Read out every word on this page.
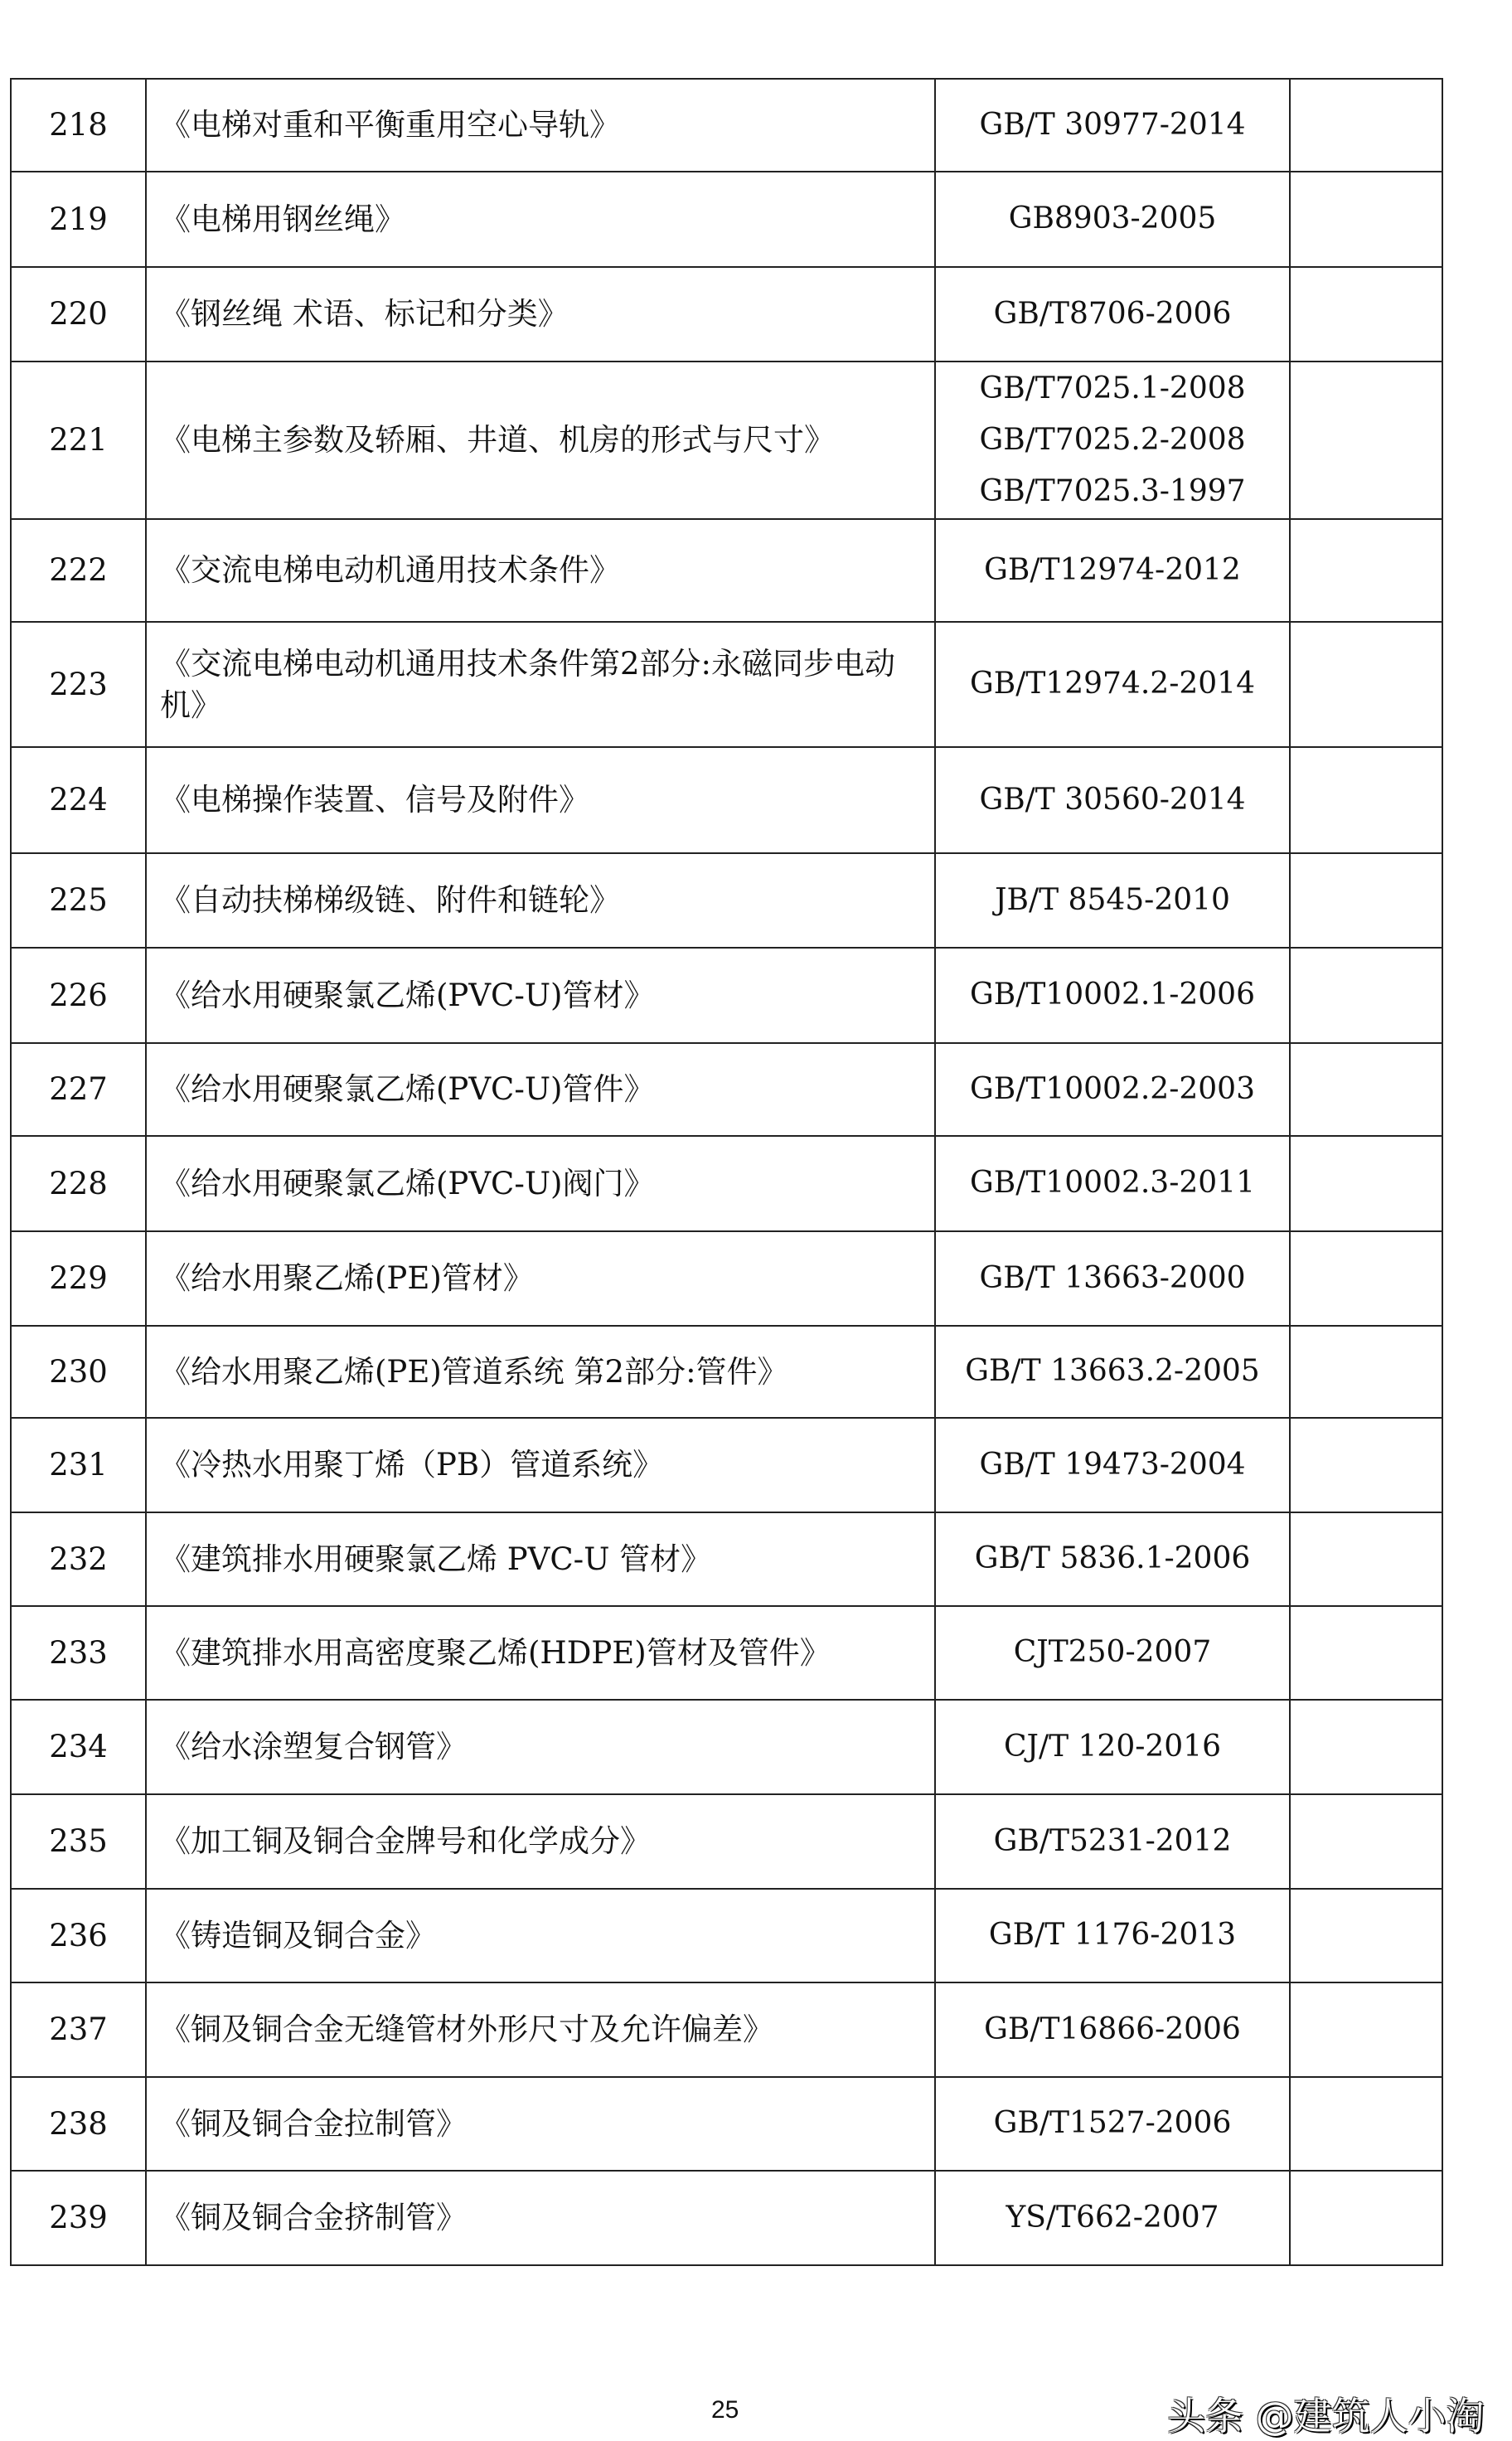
218	《电梯对重和平衡重用空心导轨》	GB/T 30977-2014	

219	《电梯用钢丝绳》	GB8903-2005	

220	《钢丝绳 术语、标记和分类》	GB/T8706-2006	

221	《电梯主参数及轿厢、井道、机房的形式与尺寸》	GB/T7025.1-2008
GB/T7025.2-2008
GB/T7025.3-1997	

222	《交流电梯电动机通用技术条件》	GB/T12974-2012	

223	《交流电梯电动机通用技术条件第2部分:永磁同步电动机》	GB/T12974.2-2014	

224	《电梯操作装置、信号及附件》	GB/T 30560-2014	

225	《自动扶梯梯级链、附件和链轮》	JB/T 8545-2010	

226	《给水用硬聚氯乙烯(PVC-U)管材》	GB/T10002.1-2006	

227	《给水用硬聚氯乙烯(PVC-U)管件》	GB/T10002.2-2003	

228	《给水用硬聚氯乙烯(PVC-U)阀门》	GB/T10002.3-2011	

229	《给水用聚乙烯(PE)管材》	GB/T 13663-2000	

230	《给水用聚乙烯(PE)管道系统 第2部分:管件》	GB/T 13663.2-2005	

231	《冷热水用聚丁烯（PB）管道系统》	GB/T 19473-2004	

232	《建筑排水用硬聚氯乙烯 PVC-U 管材》	GB/T 5836.1-2006	

233	《建筑排水用高密度聚乙烯(HDPE)管材及管件》	CJT250-2007	

234	《给水涂塑复合钢管》	CJ/T 120-2016	

235	《加工铜及铜合金牌号和化学成分》	GB/T5231-2012	

236	《铸造铜及铜合金》	GB/T 1176-2013	

237	《铜及铜合金无缝管材外形尺寸及允许偏差》	GB/T16866-2006	

238	《铜及铜合金拉制管》	GB/T1527-2006	

239	《铜及铜合金挤制管》	YS/T662-2007	

25	头条 @建筑人小淘
